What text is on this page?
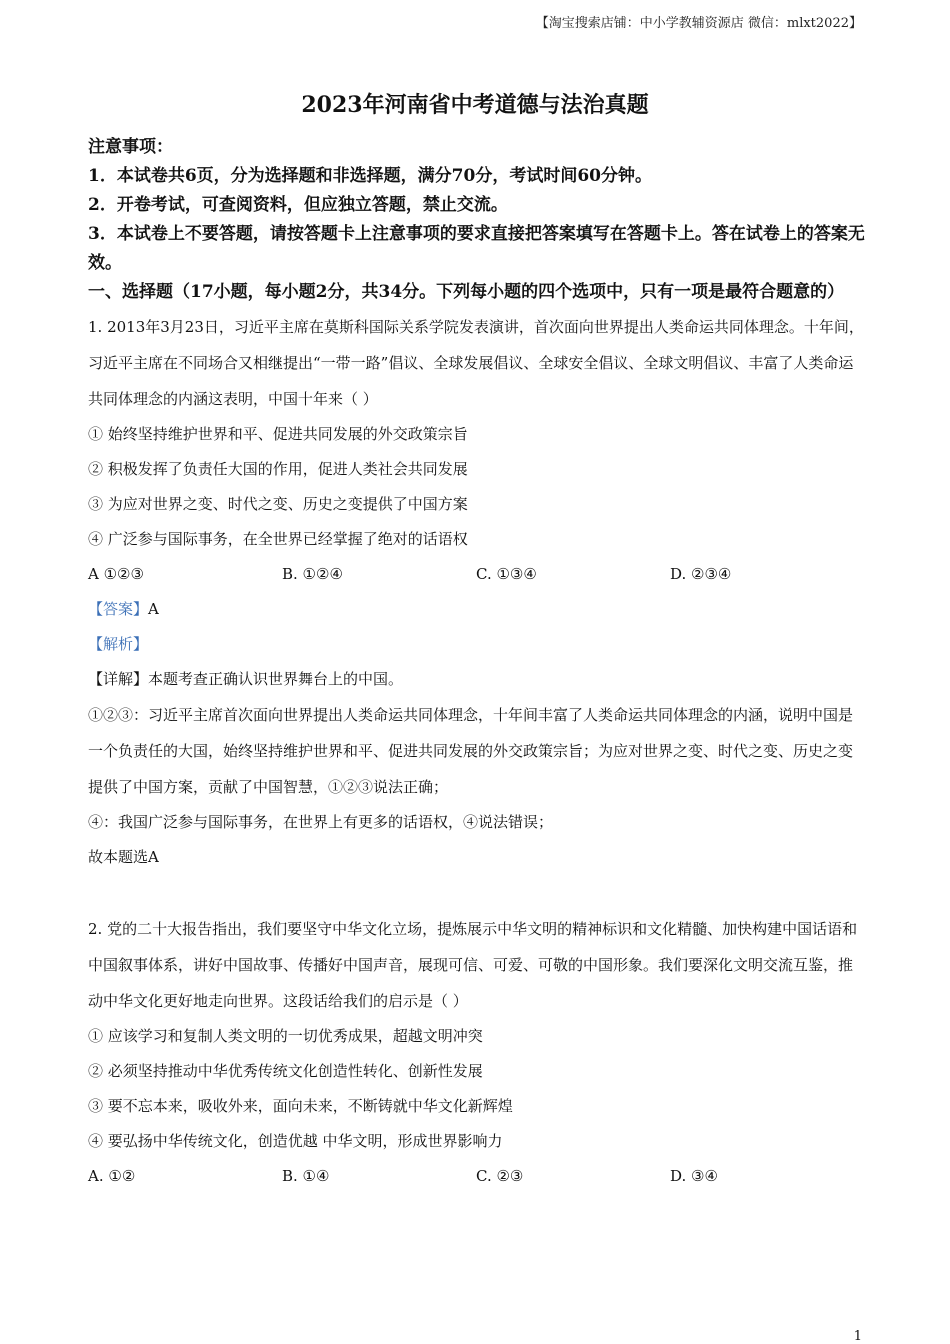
【淘宝搜索店铺：中小学教辅资源店 微信：mlxt2022】
2023年河南省中考道德与法治真题
注意事项：
1．本试卷共6页，分为选择题和非选择题，满分70分，考试时间60分钟。
2．开卷考试，可查阅资料，但应独立答题，禁止交流。
3．本试卷上不要答题，请按答题卡上注意事项的要求直接把答案填写在答题卡上。答在试卷上的答案无效。
一、选择题（17小题，每小题2分，共34分。下列每小题的四个选项中，只有一项是最符合题意的）

1. 2013年3月23日，习近平主席在莫斯科国际关系学院发表演讲，首次面向世界提出人类命运共同体理念。十年间，习近平主席在不同场合又相继提出“一带一路”倡议、全球发展倡议、全球安全倡议、全球文明倡议、丰富了人类命运共同体理念的内涵这表明，中国十年来（ ）

① 始终坚持维护世界和平、促进共同发展的外交政策宗旨
② 积极发挥了负责任大国的作用，促进人类社会共同发展
③ 为应对世界之变、时代之变、历史之变提供了中国方案
④ 广泛参与国际事务，在全世界已经掌握了绝对的话语权
A ①②③	B. ①②④	C. ①③④	D. ②③④
【答案】A
【解析】
【详解】本题考查正确认识世界舞台上的中国。

①②③：习近平主席首次面向世界提出人类命运共同体理念，十年间丰富了人类命运共同体理念的内涵，说明中国是一个负责任的大国，始终坚持维护世界和平、促进共同发展的外交政策宗旨；为应对世界之变、时代之变、历史之变提供了中国方案，贡献了中国智慧，①②③说法正确；

④：我国广泛参与国际事务，在世界上有更多的话语权，④说法错误；
故本题选A

2. 党的二十大报告指出，我们要坚守中华文化立场，提炼展示中华文明的精神标识和文化精髓、加快构建中国话语和中国叙事体系，讲好中国故事、传播好中国声音，展现可信、可爱、可敬的中国形象。我们要深化文明交流互鉴，推动中华文化更好地走向世界。这段话给我们的启示是（ ）

① 应该学习和复制人类文明的一切优秀成果，超越文明冲突
② 必须坚持推动中华优秀传统文化创造性转化、创新性发展
③ 要不忘本来，吸收外来，面向未来，不断铸就中华文化新辉煌
④ 要弘扬中华传统文化，创造优越 中华文明，形成世界影响力
A. ①②	B. ①④	C. ②③	D. ③④
1
